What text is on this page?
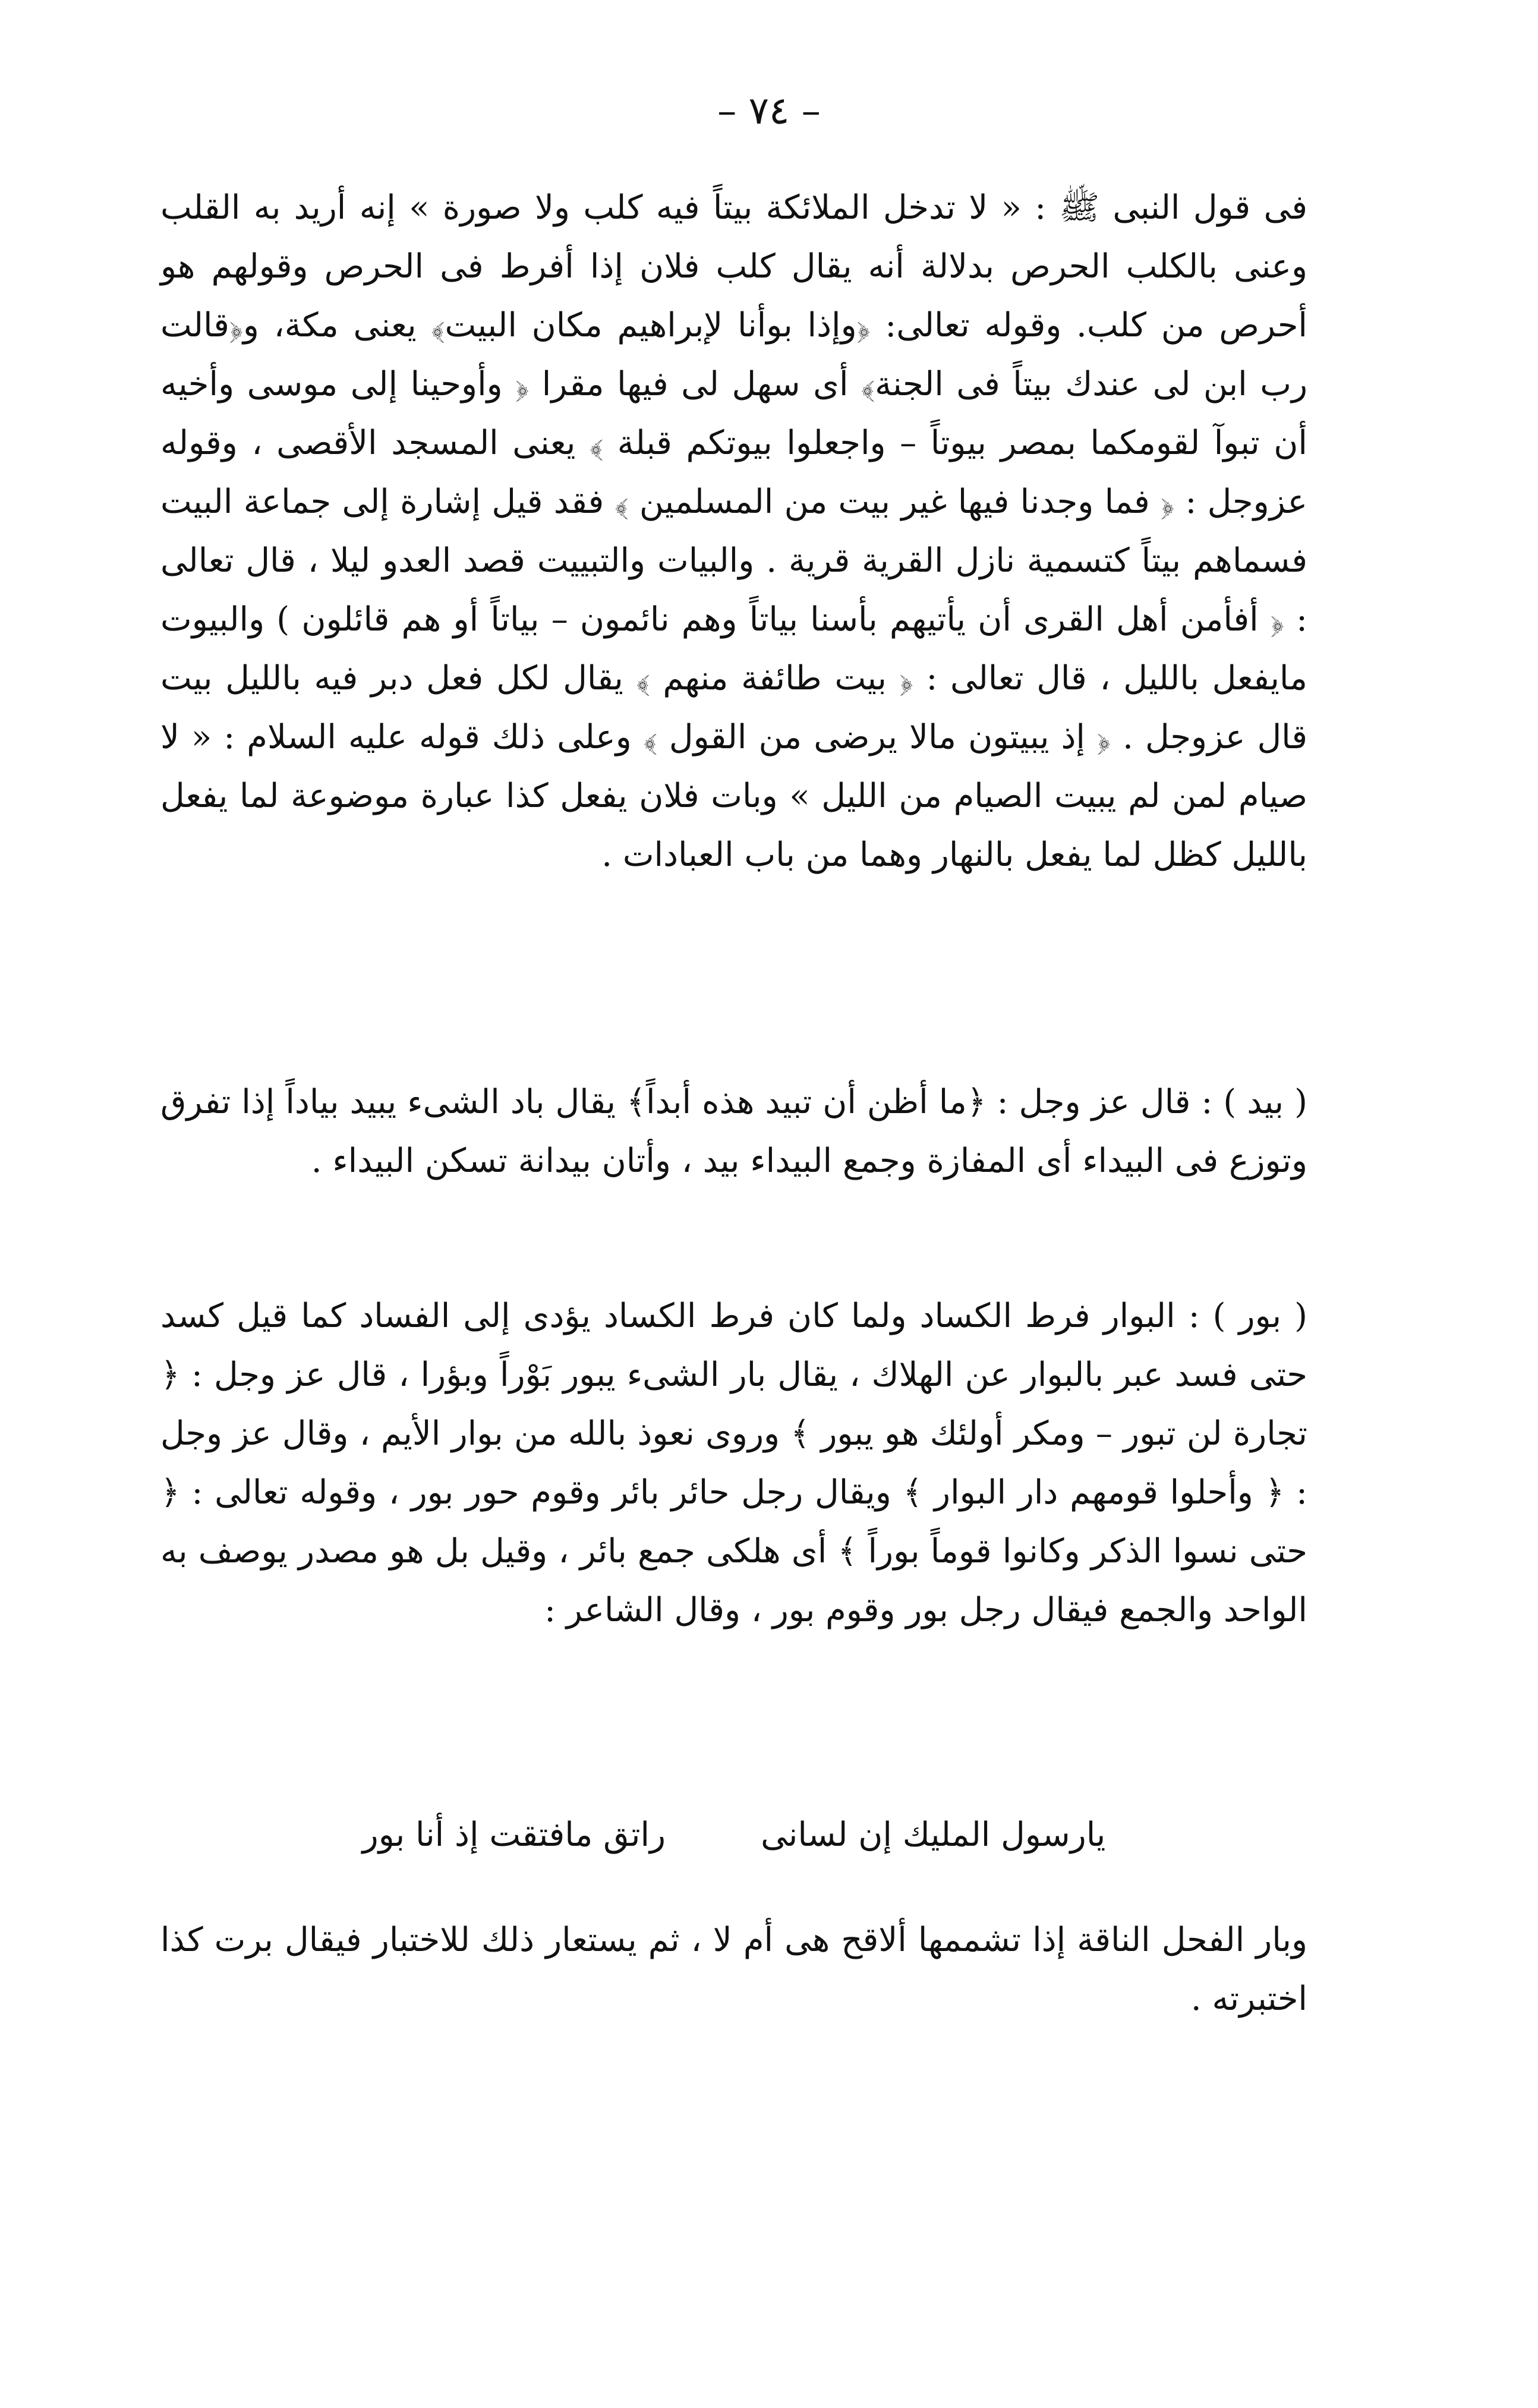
– ٧٤ –

فى قول النبى ﷺ : « لا تدخل الملائكة بيتاً فيه كلب ولا صورة » إنه أريد به القلب وعنى بالكلب الحرص بدلالة أنه يقال كلب فلان إذا أفرط فى الحرص وقولهم هو أحرص من كلب. وقوله تعالى: ﴿وإذا بوأنا لإبراهيم مكان البيت﴾ يعنى مكة، و﴿قالت رب ابن لى عندك بيتاً فى الجنة﴾ أى سهل لى فيها مقرا ﴿ وأوحينا إلى موسى وأخيه أن تبوآ لقومكما بمصر بيوتاً – واجعلوا بيوتكم قبلة ﴾ يعنى المسجد الأقصى ، وقوله عزوجل : ﴿ فما وجدنا فيها غير بيت من المسلمين ﴾ فقد قيل إشارة إلى جماعة البيت فسماهم بيتاً كتسمية نازل القرية قرية . والبيات والتبييت قصد العدو ليلا ، قال تعالى : ﴿ أفأمن أهل القرى أن يأتيهم بأسنا بياتاً وهم نائمون – بياتاً أو هم قائلون ) والبيوت مايفعل بالليل ، قال تعالى : ﴿ بيت طائفة منهم ﴾ يقال لكل فعل دبر فيه بالليل بيت قال عزوجل . ﴿ إذ يبيتون مالا يرضى من القول ﴾ وعلى ذلك قوله عليه السلام : « لا صيام لمن لم يبيت الصيام من الليل » وبات فلان يفعل كذا عبارة موضوعة لما يفعل بالليل كظل لما يفعل بالنهار وهما من باب العبادات .

( بيد ) : قال عز وجل : ﴿ما أظن أن تبيد هذه أبداً﴾ يقال باد الشىء يبيد بياداً إذا تفرق وتوزع فى البيداء أى المفازة وجمع البيداء بيد ، وأتان بيدانة تسكن البيداء .

( بور ) : البوار فرط الكساد ولما كان فرط الكساد يؤدى إلى الفساد كما قيل كسد حتى فسد عبر بالبوار عن الهلاك ، يقال بار الشىء يبور بَوْراً وبؤرا ، قال عز وجل : ﴿ تجارة لن تبور – ومكر أولئك هو يبور ﴾ وروى نعوذ بالله من بوار الأيم ، وقال عز وجل : ﴿ وأحلوا قومهم دار البوار ﴾ ويقال رجل حائر بائر وقوم حور بور ، وقوله تعالى : ﴿ حتى نسوا الذكر وكانوا قوماً بوراً ﴾ أى هلكى جمع بائر ، وقيل بل هو مصدر يوصف به الواحد والجمع فيقال رجل بور وقوم بور ، وقال الشاعر :

يارسول المليك إن لسانى
راتق مافتقت إذ أنا بور

وبار الفحل الناقة إذا تشممها ألاقح هى أم لا ، ثم يستعار ذلك للاختبار فيقال برت كذا اختبرته .
